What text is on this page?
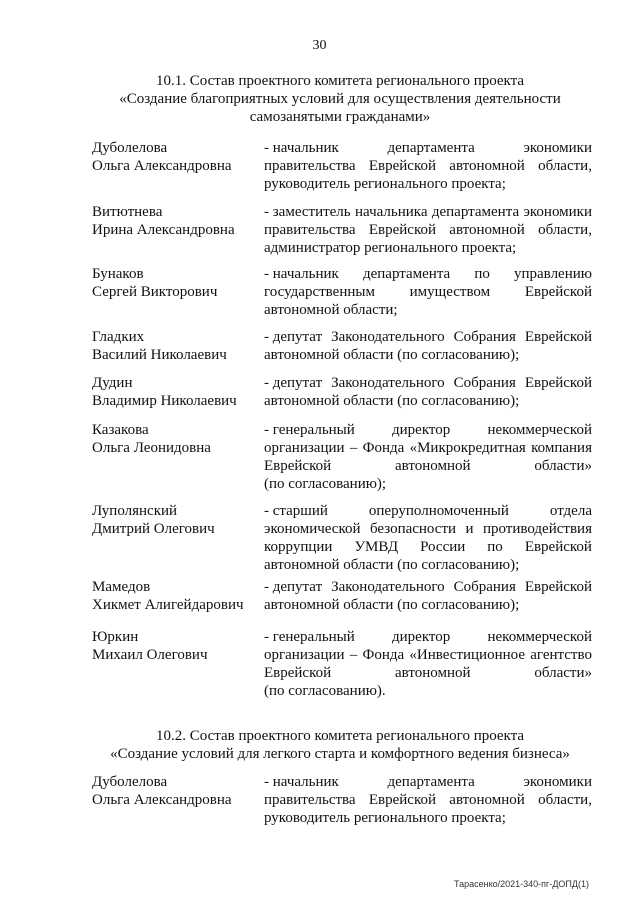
30
10.1. Состав проектного комитета регионального проекта
«Создание благоприятных условий для осуществления деятельности
самозанятыми гражданами»
Дуболелова
Ольга Александровна
- начальник	департамента	экономики
правительства Еврейской автономной области,
руководитель регионального проекта;
Витютнева
Ирина Александровна
- заместитель начальника департамента экономики
правительства Еврейской автономной области,
администратор регионального проекта;
Бунаков
Сергей Викторович
- начальник департамента по управлению
государственным имуществом Еврейской
автономной области;
Гладких
Василий Николаевич
- депутат Законодательного Собрания Еврейской
автономной области (по согласованию);
Дудин
Владимир Николаевич
- депутат Законодательного Собрания Еврейской
автономной области (по согласованию);
Казакова
Ольга Леонидовна
- генеральный директор некоммерческой
организации – Фонда «Микрокредитная компания
Еврейской	автономной	области»
(по согласованию);
Луполянский
Дмитрий Олегович
- старший	оперуполномоченный	отдела
экономической безопасности и противодействия
коррупции УМВД России по Еврейской
автономной области (по согласованию);
Мамедов
Хикмет Алигейдарович
- депутат Законодательного Собрания Еврейской
автономной области (по согласованию);
Юркин
Михаил Олегович
- генеральный директор некоммерческой
организации – Фонда «Инвестиционное агентство
Еврейской	автономной	области»
(по согласованию).
10.2. Состав проектного комитета регионального проекта
«Создание условий для легкого старта и комфортного ведения бизнеса»
Дуболелова
Ольга Александровна
- начальник	департамента	экономики
правительства Еврейской автономной области,
руководитель регионального проекта;
Тарасенко/2021-340-пг-ДОПД(1)
